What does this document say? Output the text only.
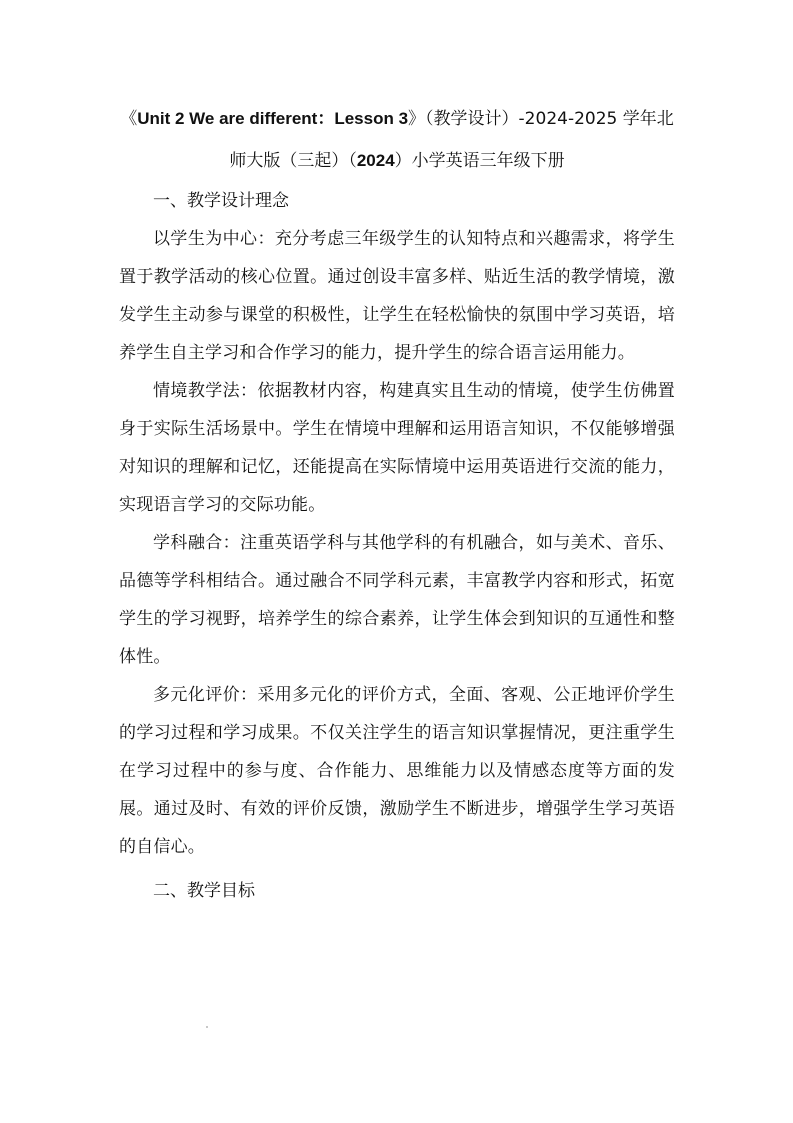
《Unit 2 We are different：Lesson 3》（教学设计）-2024-2025 学年北
师大版（三起）（2024）小学英语三年级下册

一、教学设计理念

以学生为中心：充分考虑三年级学生的认知特点和兴趣需求，将学生置于教学活动的核心位置。通过创设丰富多样、贴近生活的教学情境，激发学生主动参与课堂的积极性，让学生在轻松愉快的氛围中学习英语，培养学生自主学习和合作学习的能力，提升学生的综合语言运用能力。

情境教学法：依据教材内容，构建真实且生动的情境，使学生仿佛置身于实际生活场景中。学生在情境中理解和运用语言知识，不仅能够增强对知识的理解和记忆，还能提高在实际情境中运用英语进行交流的能力，实现语言学习的交际功能。

学科融合：注重英语学科与其他学科的有机融合，如与美术、音乐、品德等学科相结合。通过融合不同学科元素，丰富教学内容和形式，拓宽学生的学习视野，培养学生的综合素养，让学生体会到知识的互通性和整体性。

多元化评价：采用多元化的评价方式，全面、客观、公正地评价学生的学习过程和学习成果。不仅关注学生的语言知识掌握情况，更注重学生在学习过程中的参与度、合作能力、思维能力以及情感态度等方面的发展。通过及时、有效的评价反馈，激励学生不断进步，增强学生学习英语的自信心。

二、教学目标
